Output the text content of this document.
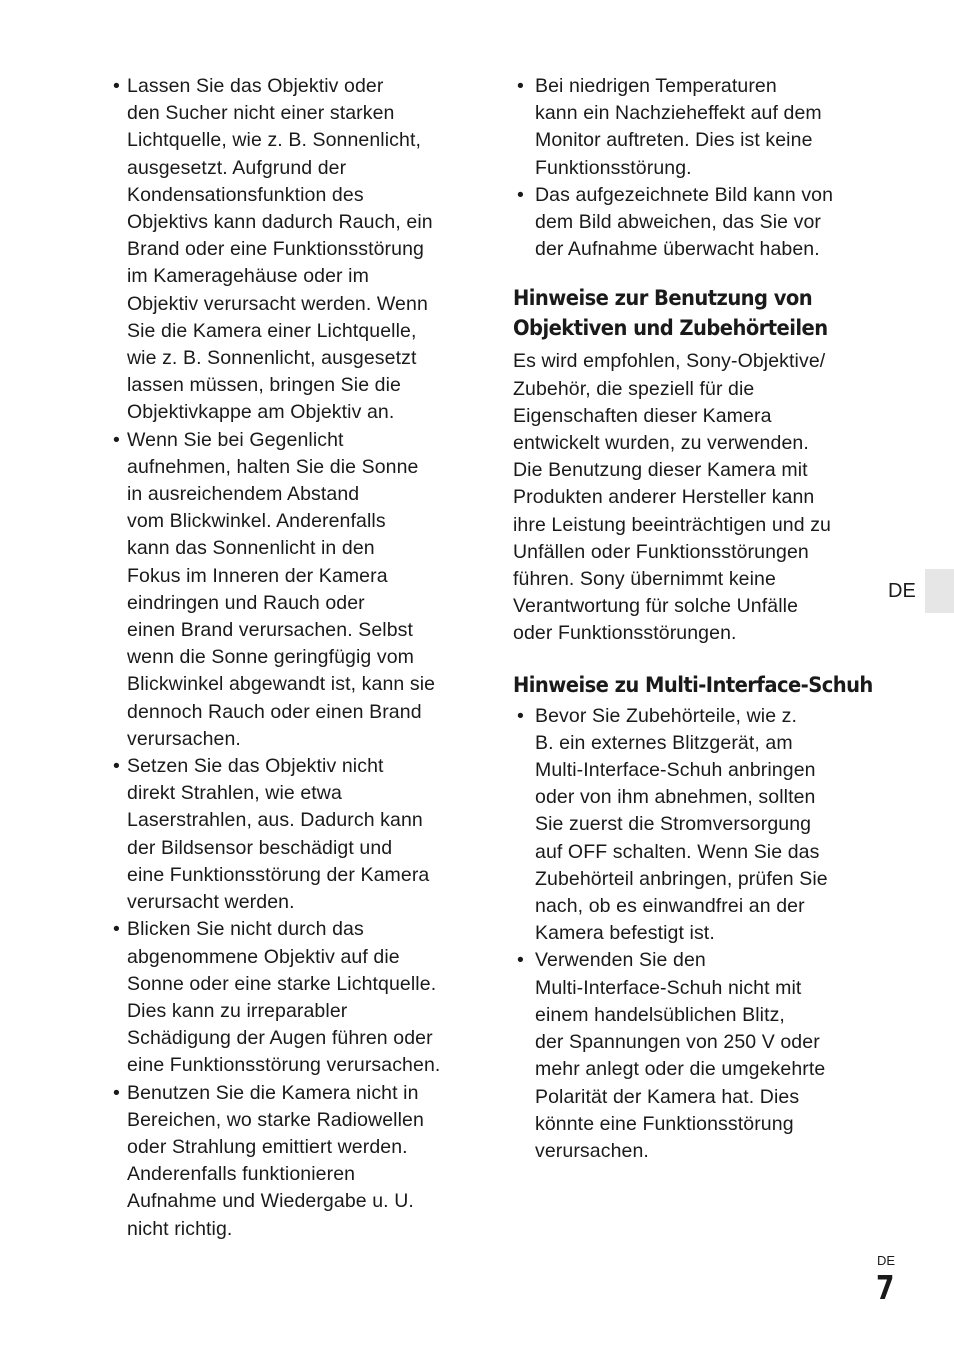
• Lassen Sie das Objektiv oder
den Sucher nicht einer starken
Lichtquelle, wie z. B. Sonnenlicht,
ausgesetzt. Aufgrund der
Kondensationsfunktion des
Objektivs kann dadurch Rauch, ein
Brand oder eine Funktionsstörung
im Kameragehäuse oder im
Objektiv verursacht werden. Wenn
Sie die Kamera einer Lichtquelle,
wie z. B. Sonnenlicht, ausgesetzt
lassen müssen, bringen Sie die
Objektivkappe am Objektiv an.
• Wenn Sie bei Gegenlicht
aufnehmen, halten Sie die Sonne
in ausreichendem Abstand
vom Blickwinkel. Anderenfalls
kann das Sonnenlicht in den
Fokus im Inneren der Kamera
eindringen und Rauch oder
einen Brand verursachen. Selbst
wenn die Sonne geringfügig vom
Blickwinkel abgewandt ist, kann sie
dennoch Rauch oder einen Brand
verursachen.
• Setzen Sie das Objektiv nicht
direkt Strahlen, wie etwa
Laserstrahlen, aus. Dadurch kann
der Bildsensor beschädigt und
eine Funktionsstörung der Kamera
verursacht werden.
• Blicken Sie nicht durch das
abgenommene Objektiv auf die
Sonne oder eine starke Lichtquelle.
Dies kann zu irreparabler
Schädigung der Augen führen oder
eine Funktionsstörung verursachen.
• Benutzen Sie die Kamera nicht in
Bereichen, wo starke Radiowellen
oder Strahlung emittiert werden.
Anderenfalls funktionieren
Aufnahme und Wiedergabe u. U.
nicht richtig.
• Bei niedrigen Temperaturen
kann ein Nachzieheffekt auf dem
Monitor auftreten. Dies ist keine
Funktionsstörung.
• Das aufgezeichnete Bild kann von
dem Bild abweichen, das Sie vor
der Aufnahme überwacht haben.
Hinweise zur Benutzung von
Objektiven und Zubehörteilen
Es wird empfohlen, Sony-Objektive/
Zubehör, die speziell für die
Eigenschaften dieser Kamera
entwickelt wurden, zu verwenden.
Die Benutzung dieser Kamera mit
Produkten anderer Hersteller kann
ihre Leistung beeinträchtigen und zu
Unfällen oder Funktionsstörungen
führen. Sony übernimmt keine
Verantwortung für solche Unfälle
oder Funktionsstörungen.
Hinweise zu Multi-Interface-Schuh
• Bevor Sie Zubehörteile, wie z.
B. ein externes Blitzgerät, am
Multi-Interface-Schuh anbringen
oder von ihm abnehmen, sollten
Sie zuerst die Stromversorgung
auf OFF schalten. Wenn Sie das
Zubehörteil anbringen, prüfen Sie
nach, ob es einwandfrei an der
Kamera befestigt ist.
• Verwenden Sie den
Multi-Interface-Schuh nicht mit
einem handelsüblichen Blitz,
der Spannungen von 250 V oder
mehr anlegt oder die umgekehrte
Polarität der Kamera hat. Dies
könnte eine Funktionsstörung
verursachen.
DE
DE
7
